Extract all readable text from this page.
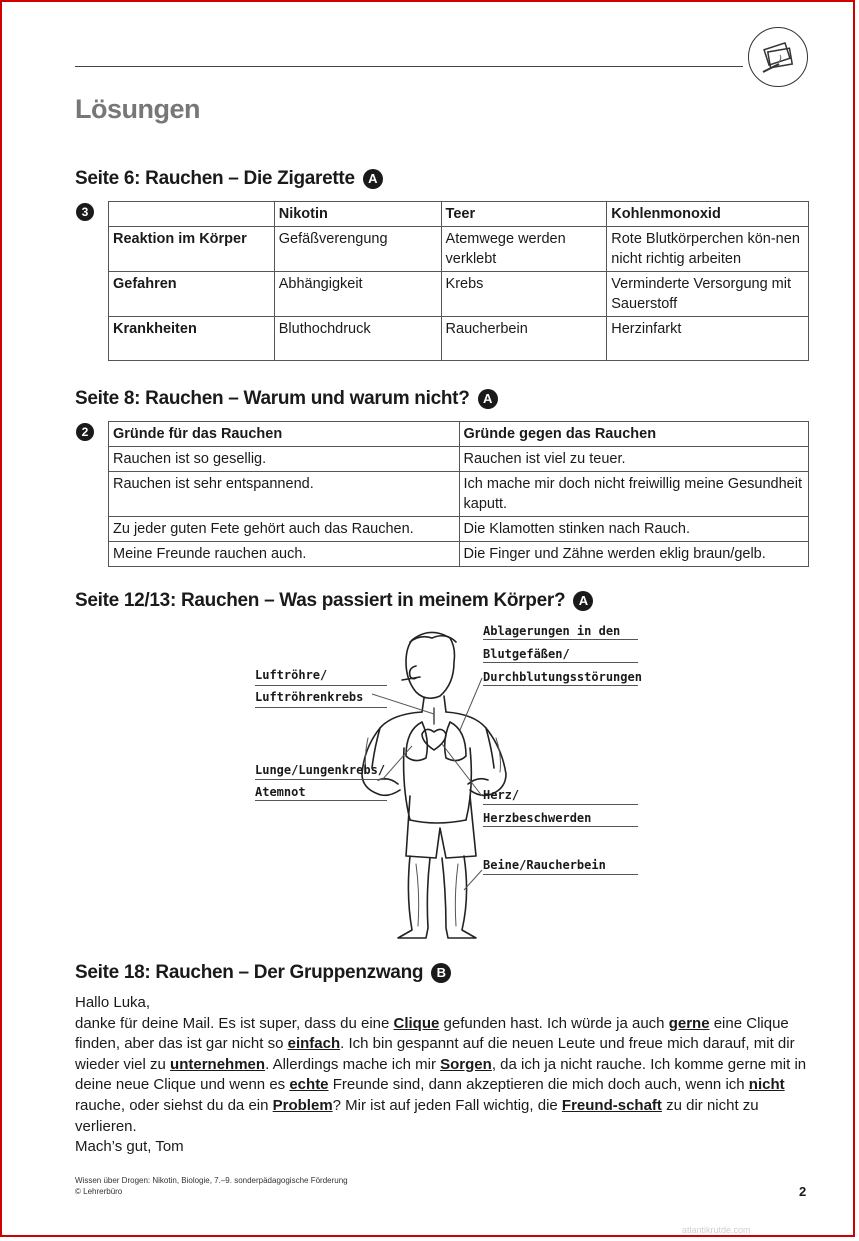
Lösungen
Seite 6: Rauchen – Die Zigarette A
3
		Nikotin	Teer	Kohlenmonoxid
Reaktion im Körper	Gefäßverengung	Atemwege werden verklebt	Rote Blutkörperchen kön-nen nicht richtig arbeiten
Gefahren	Abhängigkeit	Krebs	Verminderte Versorgung mit Sauerstoff
Krankheiten	Bluthochdruck	Raucherbein	Herzinfarkt
Seite 8: Rauchen – Warum und warum nicht? A
2	Gründe für das Rauchen	Gründe gegen das Rauchen
Rauchen ist so gesellig.	Rauchen ist viel zu teuer.
Rauchen ist sehr entspannend.	Ich mache mir doch nicht freiwillig meine Gesundheit kaputt.
Zu jeder guten Fete gehört auch das Rauchen.	Die Klamotten stinken nach Rauch.
Meine Freunde rauchen auch.	Die Finger und Zähne werden eklig braun/gelb.
Seite 12/13: Rauchen – Was passiert in meinem Körper? A
Luftröhre/
Luftröhrenkrebs
Lunge/Lungenkrebs/
Atemnot
Ablagerungen in den
Blutgefäßen/
Durchblutungsstörungen
Herz/
Herzbeschwerden
Beine/Raucherbein
Seite 18: Rauchen – Der Gruppenzwang B

Hallo Luka,

danke für deine Mail. Es ist super, dass du eine Clique gefunden hast. Ich würde ja auch gerne eine Clique finden, aber das ist gar nicht so einfach. Ich bin gespannt auf die neuen Leute und freue mich darauf, mit dir wieder viel zu unternehmen. Allerdings mache ich mir Sorgen, da ich ja nicht rauche. Ich komme gerne mit in deine neue Clique und wenn es echte Freunde sind, dann akzeptieren die mich doch auch, wenn ich nicht rauche, oder siehst du da ein Problem? Mir ist auf jeden Fall wichtig, die Freund-schaft zu dir nicht zu verlieren.

Mach’s gut, Tom

Wissen über Drogen: Nikotin, Biologie, 7.–9. sonderpädagogische Förderung
© Lehrerbüro	2
atlantikrutde.com
